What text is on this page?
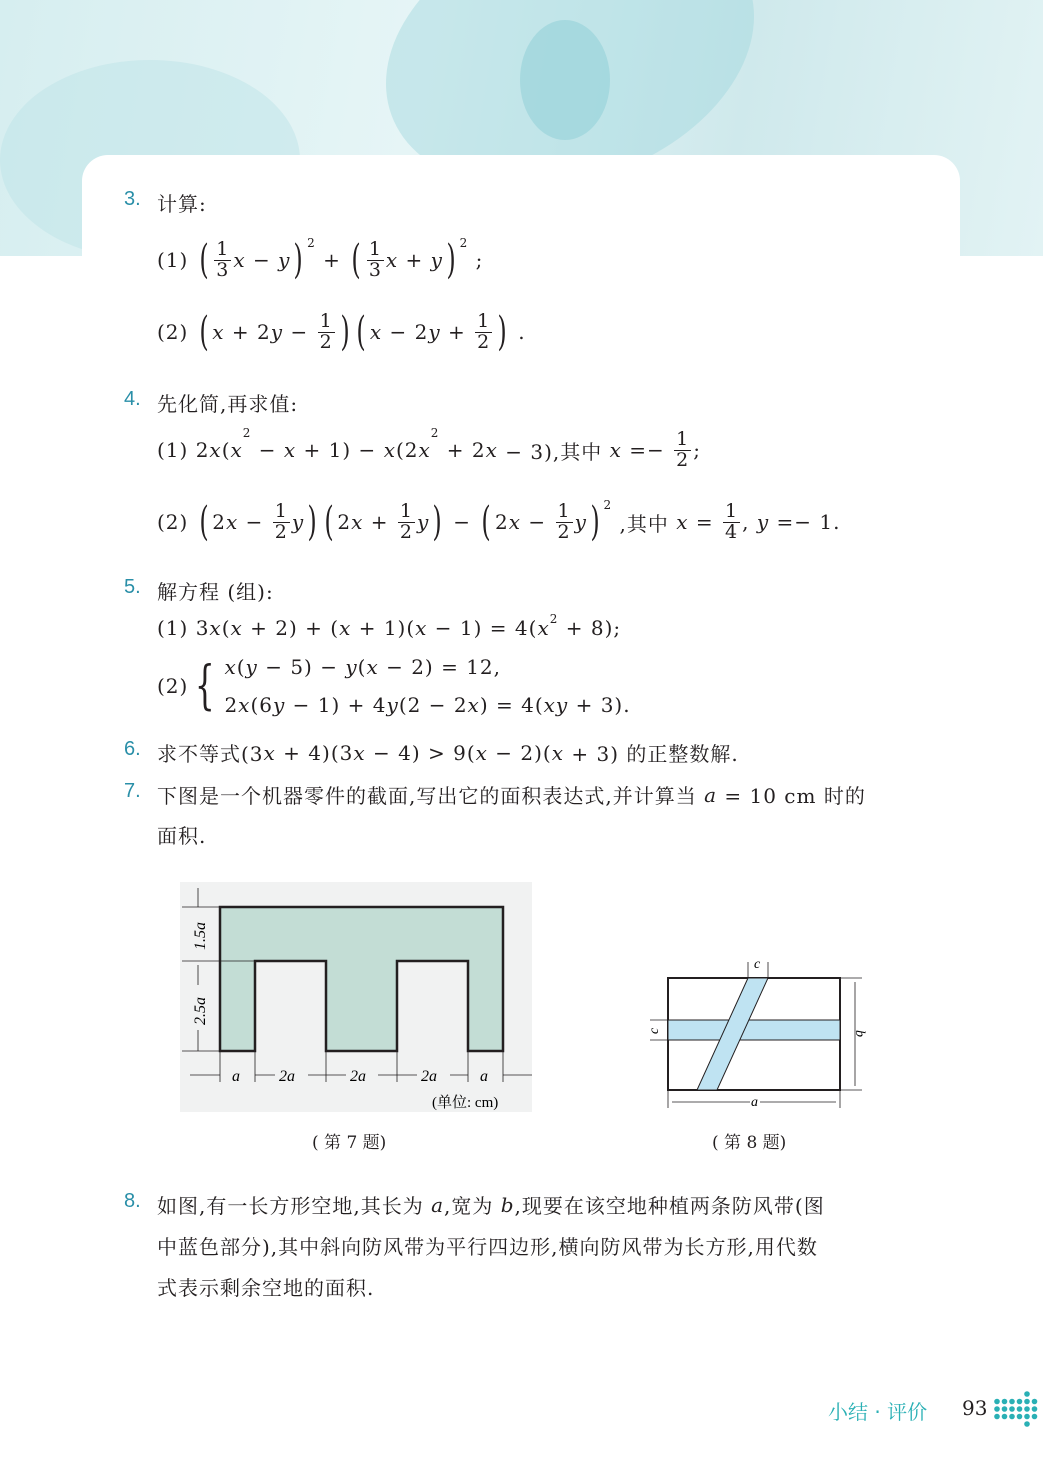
3. 计算:
(1) ( $\frac{1}{3}$ x − y ) 2
+ ( $\frac{1}{3}$ x + y ) 2
;
(2) ( x + 2 $y - \frac{1}{2}$ ) ( x − 2 $y + \frac{1}{2}$ ) .
4. 先化简,再求值:
(1) 2 x ( x
2
− x + 1) − x (2 x
2
+ 2 x − 3),其中 $x =- \frac{1}{2}$ ;
(2) ( 2 $x - \frac{1}{2}$ y ) ( 2 $x + \frac{1}{2}$ y ) − ( 2 $x - \frac{1}{2}$ y ) 2
,其中 $x = \frac{1}{4}$ , y =− 1.
5. 解方程 (组):
(1) 3 x ( x + 2) + ( x + 1)( x − 1) = 4( x 2 + 8);
(2) { x ( y − 5) − y ( x − 2) = 12,
2 x (6 y − 1) + 4 y (2 − 2 x ) = 4( xy + 3).
6. 求不等式(3 x + 4)(3 x − 4) > 9( x − 2)( x + 3) 的正整数解.
7. 下图是一个机器零件的截面,写出它的面积表达式,并计算当 a = 10 cm 时的
面积.
1.5a
2.5a
a 2a	2a	2a	a
(单位: cm)
( 第 7 题)
c
c	b
a
( 第 8 题)
8. 如图,有一长方形空地,其长为 a ,宽为 b ,现要在该空地种植两条防风带(图
中蓝色部分),其中斜向防风带为平行四边形,横向防风带为长方形,用代数
式表示剩余空地的面积.
小结 · 评价 93
